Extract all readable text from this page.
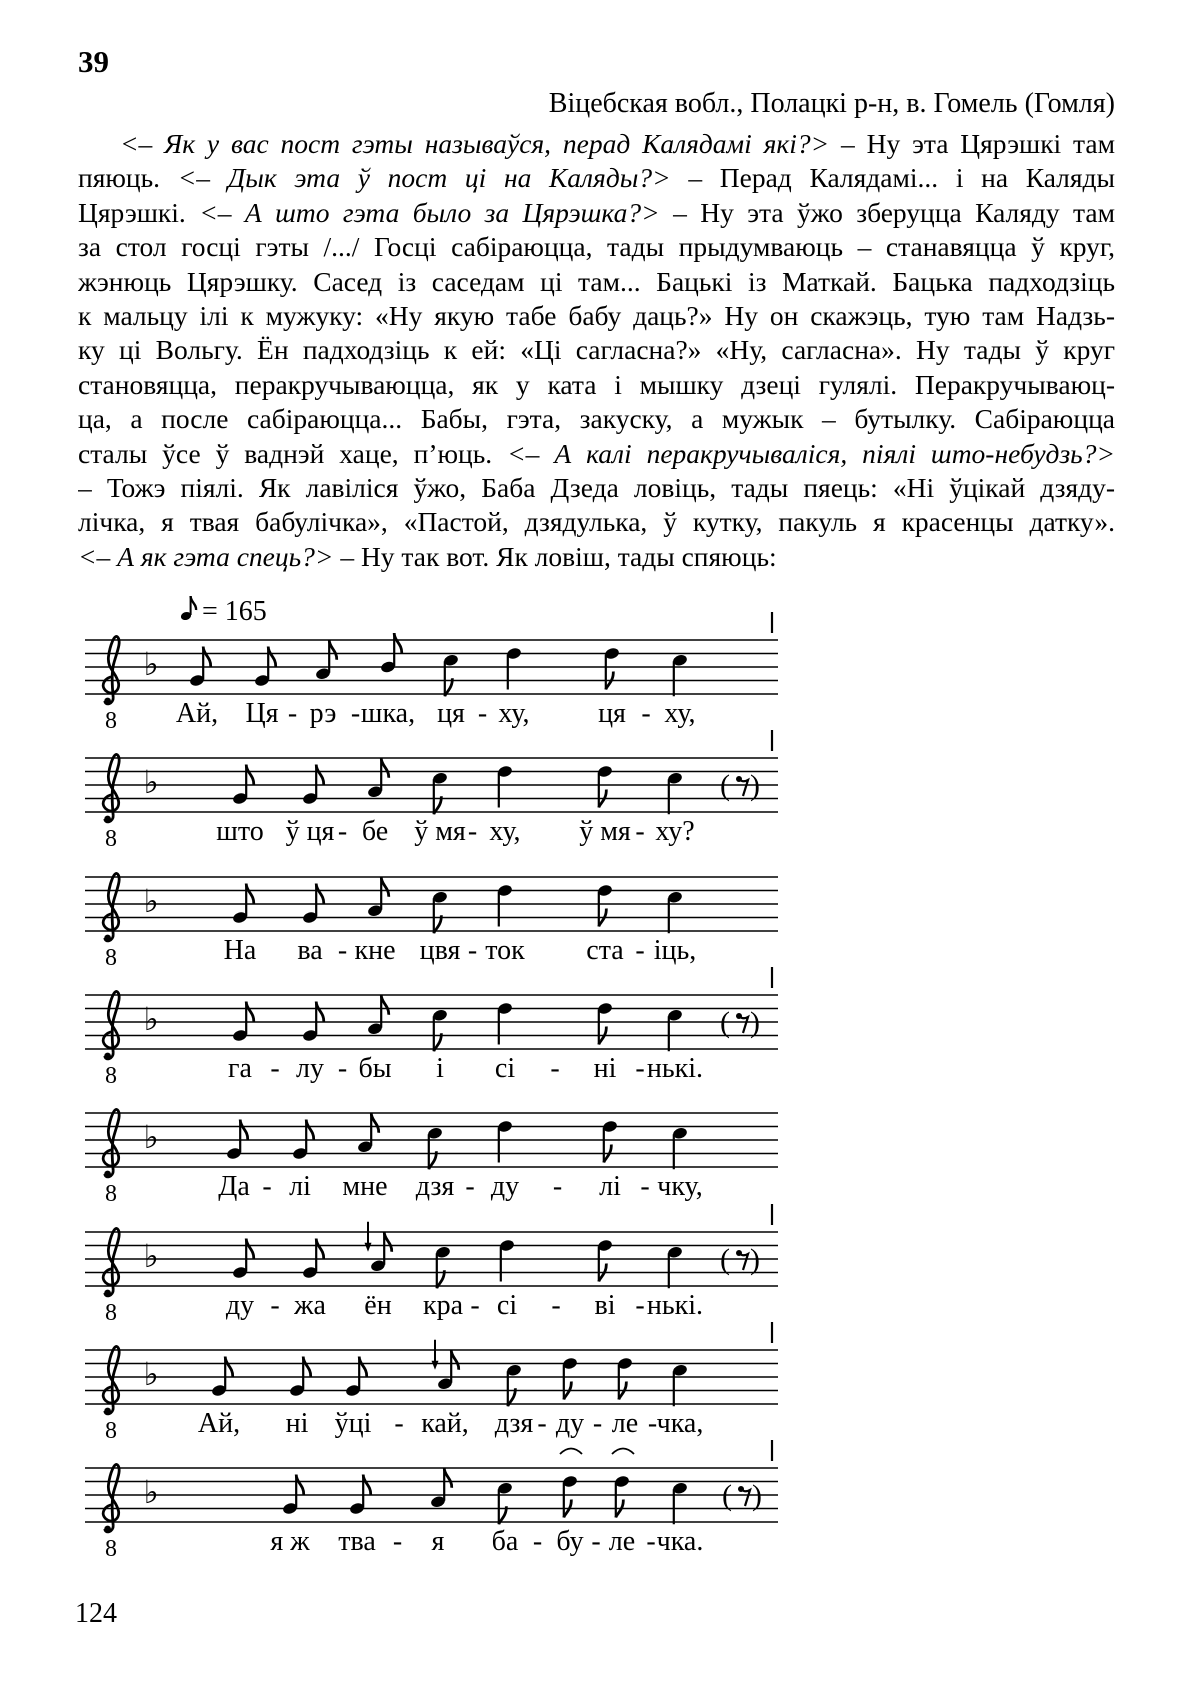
39
Віцебская вобл., Полацкі р-н, в. Гомель (Гомля)
<– Як у вас пост гэты называўся, перад Калядамі які?> – Ну эта Цярэшкі там
пяюць. <– Дык эта ў пост ці на Каляды?> – Перад Калядамі... і на Каляды
Цярэшкі. <– А што гэта было за Цярэшка?> – Ну эта ўжо зберуцца Каляду там
за стол госці гэты /.../ Госці сабіраюцца, тады прыдумваюць – станавяцца ў круг,
жэнюць Цярэшку. Сасед із саседам ці там... Бацькі із Маткай. Бацька падходзіць
к мальцу ілі к мужуку: «Ну якую табе бабу даць?» Ну он скажэць, тую там Надзь-
ку ці Вольгу. Ён падходзіць к ей: «Ці сагласна?» «Ну, сагласна». Ну тады ў круг
становяцца, перакручываюцца, як у ката і мышку дзеці гулялі. Перакручываюц-
ца, а после сабіраюцца... Бабы, гэта, закуску, а мужык – бутылку. Сабіраюцца
сталы ўсе ў ваднэй хаце, п’юць. <– А калі перакручываліся, піялі што-небудзь?>
– Тожэ піялі. Як лавіліся ўжо, Баба Дзеда ловіць, тады пяець: «Ні ўцікай дзяду-
лічка, я твая бабулічка», «Пастой, дзядулька, ў кутку, пакуль я красенцы датку».
<– А як гэта спець?> – Ну так вот. Як ловіш, тады спяюць:
8
♭
Ай, Ця - рэ - шка, ця - ху, ця - ху,
8
♭	( )
што ў ця - бе ў мя - ху, ў мя - ху?
8
♭
На ва - кне цвя - ток ста - іць,
8
♭	( )
га - лу - бы і сі - ні - нькі.
8
♭
Да - лі мне дзя - ду - лі - чку,
8
♭	( )
ду - жа ён кра - сі - ві - нькі.
8
♭
Ай, ні ўці - кай, дзя - ду - ле - чка,
8
♭	( )
я ж тва - я ба - бу - ле - чка.
= 165
124
